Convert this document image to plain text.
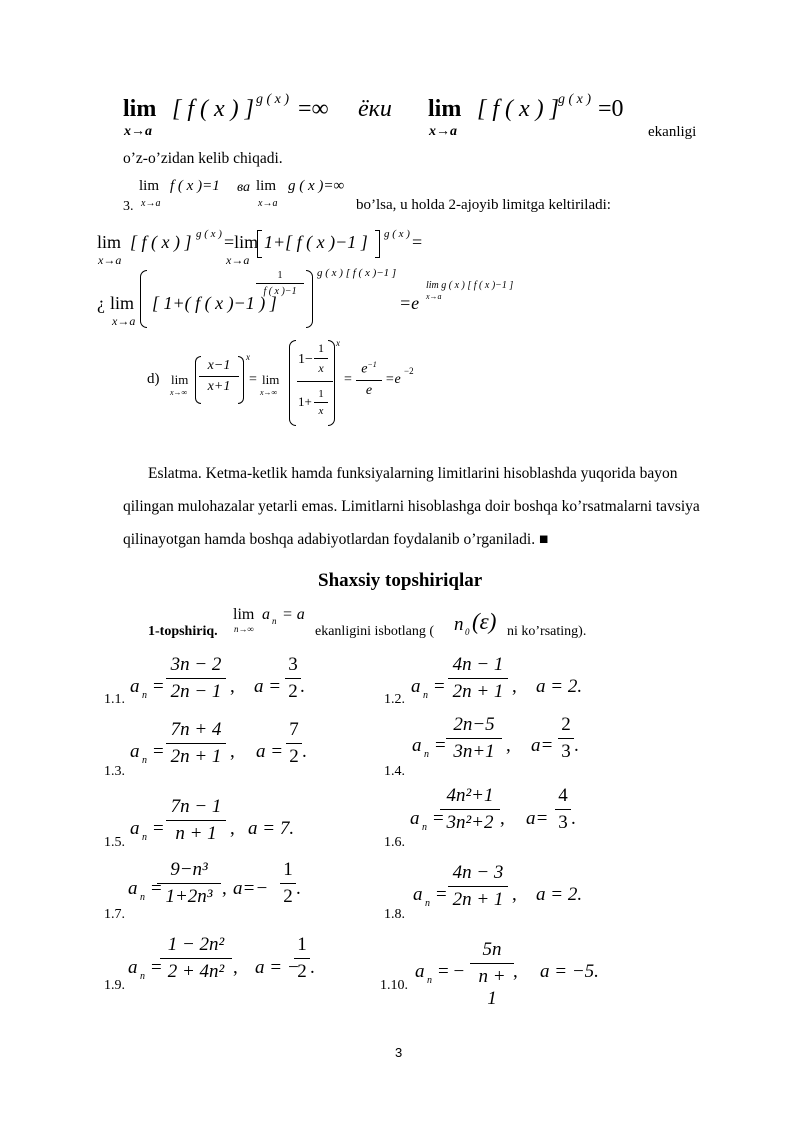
lim
x→a
[ f ( x ) ] g ( x ) =∞ ёки lim
x→a
[ f ( x ) ] g ( x ) =0
ekanligi
o’z-o’zidan kelib chiqadi.
3.
lim
x→a
f ( x )=1 ва lim
x→a
g ( x )=∞
bo’lsa, u holda 2-ajoyib limitga keltiriladi:
lim
x→a
[ f ( x ) ] g ( x ) =lim
x→a
1+[ f ( x )−1 ] g ( x ) =
¿ lim
x→a
[ 1+( f ( x )−1 ) ]
1
f ( x )−1
g ( x ) [ f ( x )−1 ]
=e
lim g ( x ) [ f ( x )−1 ]
x→a
d) lim
x→∞
x−1
x+1
x
= lim
x→∞
1−
1
x
1+ 1
x
x
=
$e^{-1}$
e
=e
−2
Eslatma. Ketma-ketlik hamda funksiyalarning limitlarini hisoblashda yuqorida bayon
qilingan mulohazalar yetarli emas. Limitlarni hisoblashga doir boshqa ko’rsatmalarni tavsiya
qilinayotgan hamda boshqa adabiyotlardan foydalanib o’rganiladi. ■
Shaxsiy topshiriqlar
1-topshiriq.
lim
n→∞
a n = a
ekanligini isbotlang ( n 0 (ε) ni ko’rsating).
1.1.
a n =
3n − 2
2n − 1 , a =
3
2 .
1.2.
a n =
4n − 1
2n + 1 , a = 2.
1.3.
a n =
7n + 4
2n + 1 , a =
7
2 .
1.4.
a n =
2n−5
3n+1 , a=
2
3 .
1.5.
a n =
7n − 1
n + 1 , a = 7.
1.6.
a n =
4n²+1
3n²+2 , a=
4
3 .
1.7.
a n =
9−n³
1+2n³ , a=−
1
2 .
1.8.
a n =
4n − 3
2n + 1 , a = 2.
1.9.
a n =
1 − 2n²
2 + 4n² , a = −
1
2 .
1.10.
a n = −
5n
n + 1
, a = −5.
3
